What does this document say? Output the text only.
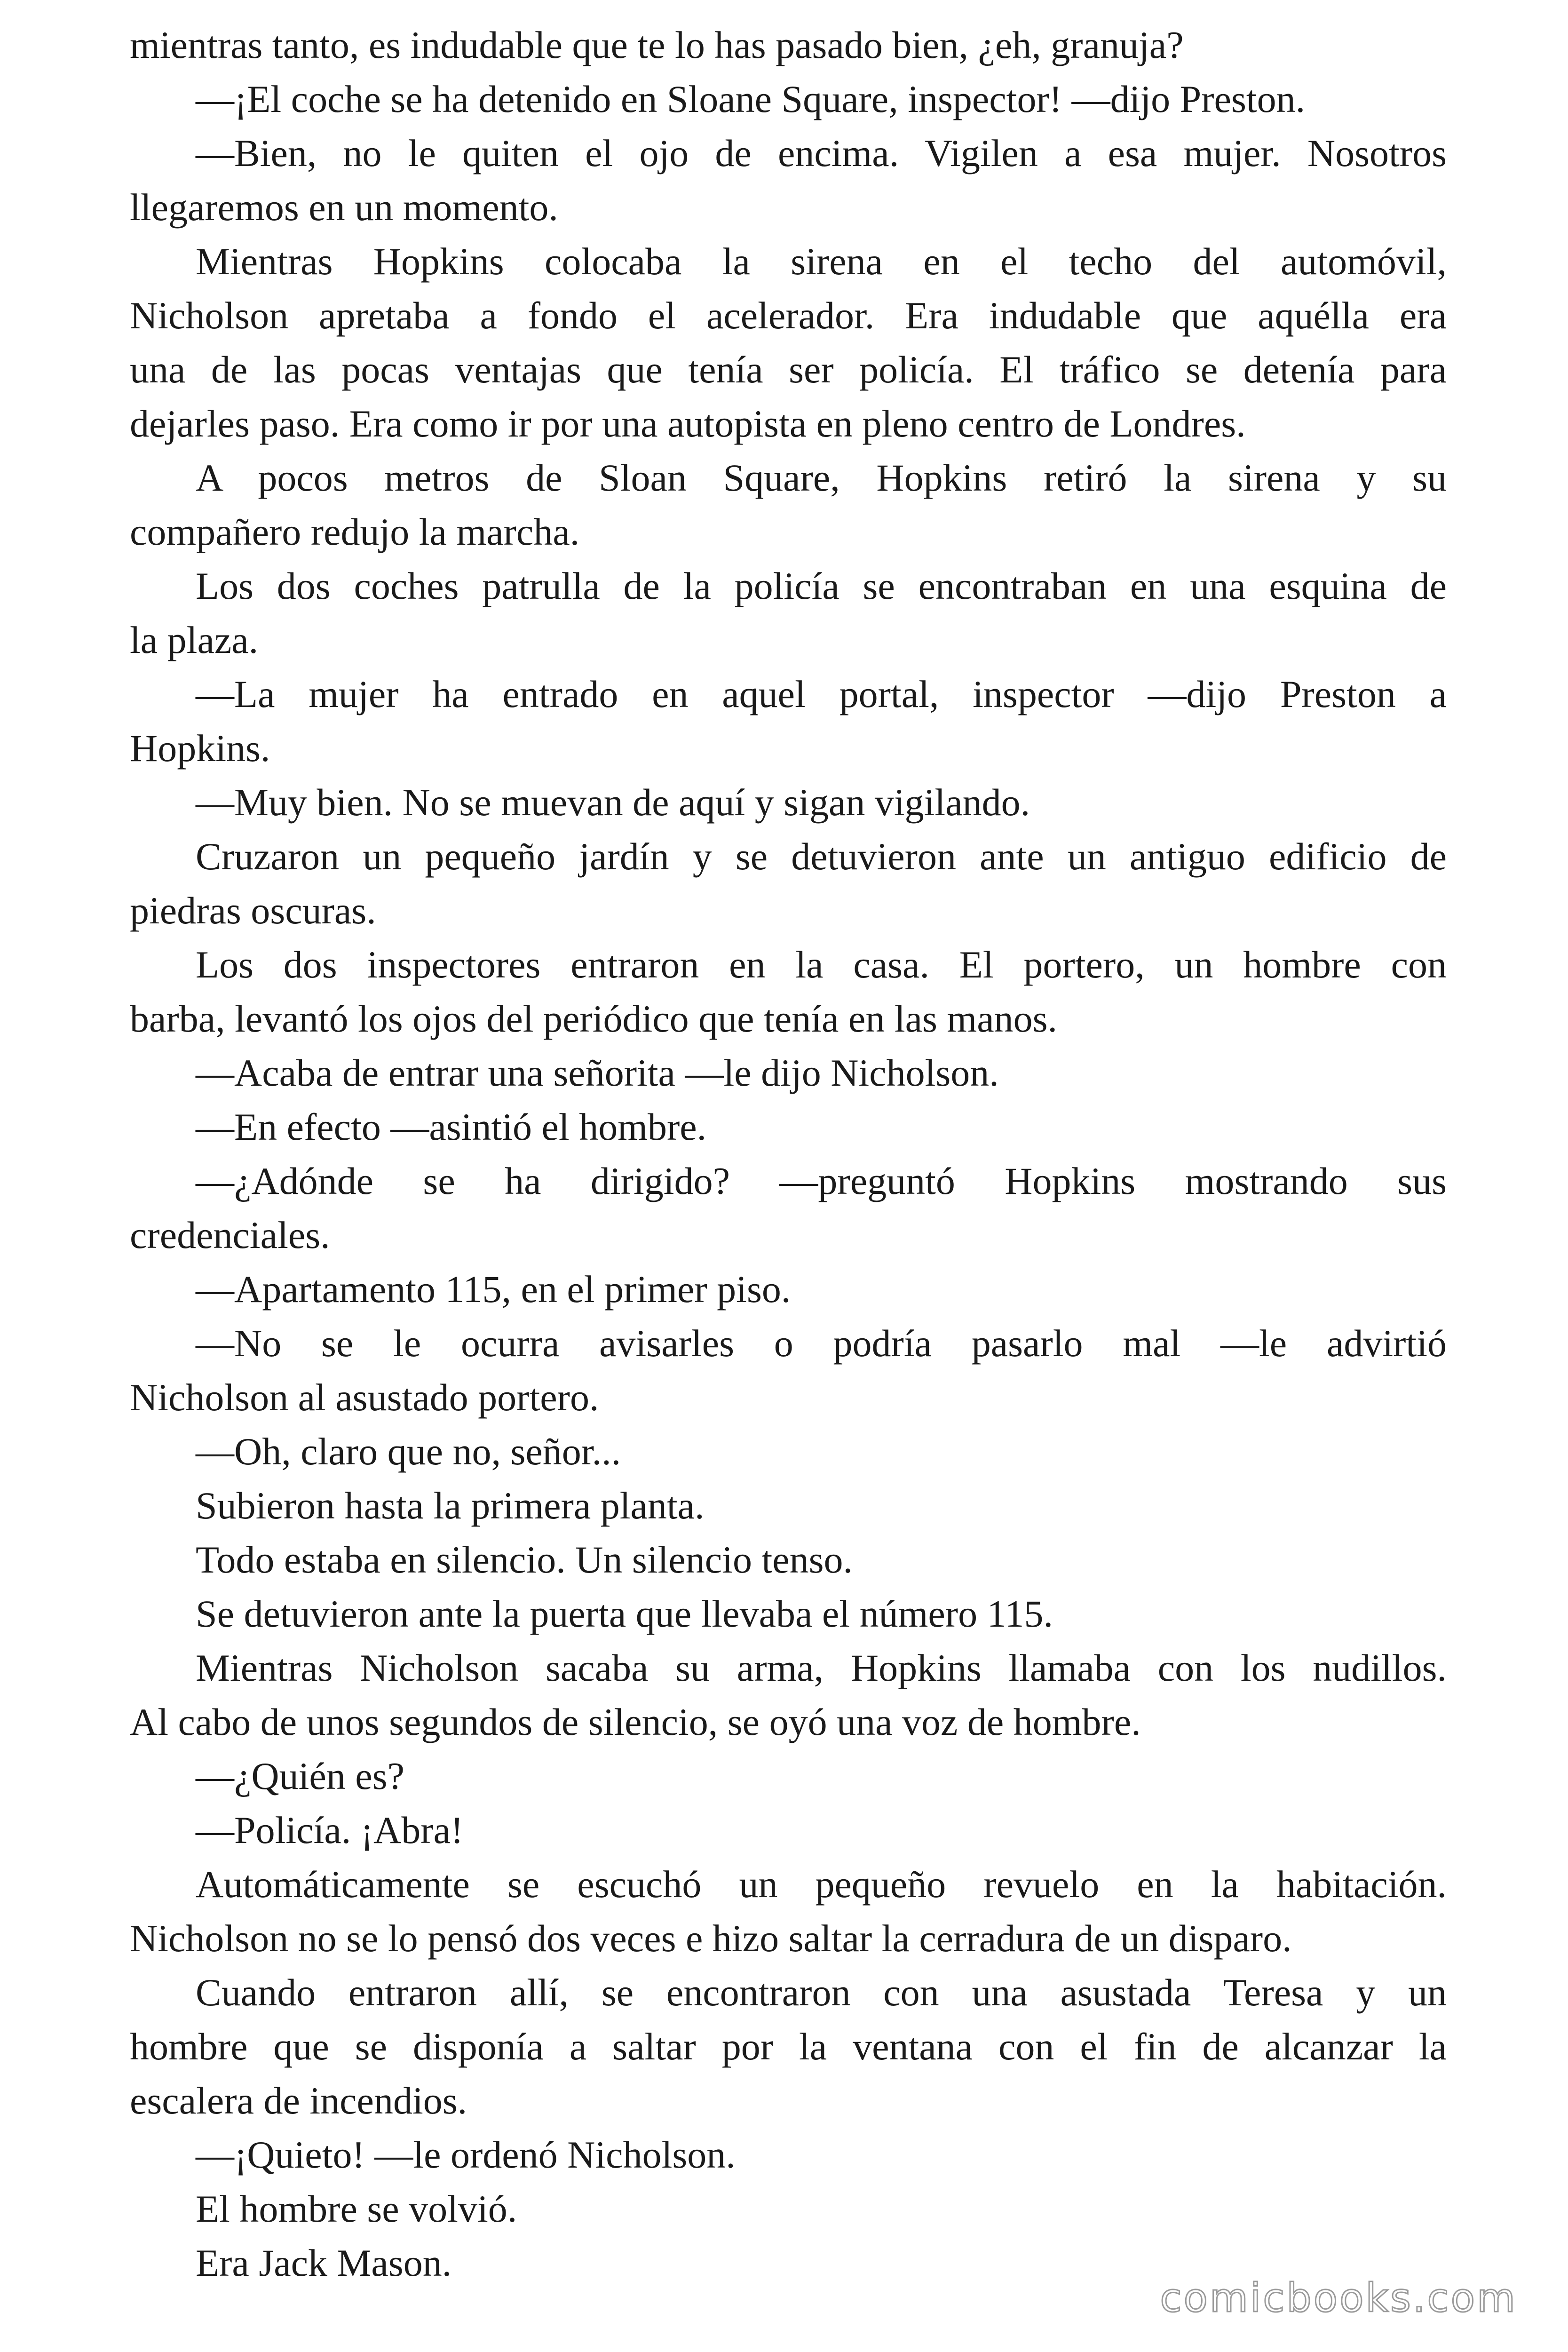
mientras tanto, es indudable que te lo has pasado bien, ¿eh, granuja?
—¡El coche se ha detenido en Sloane Square, inspector! —dijo Preston.
—Bien, no le quiten el ojo de encima. Vigilen a esa mujer. Nosotros
llegaremos en un momento.
Mientras Hopkins colocaba la sirena en el techo del automóvil,
Nicholson apretaba a fondo el acelerador. Era indudable que aquélla era
una de las pocas ventajas que tenía ser policía. El tráfico se detenía para
dejarles paso. Era como ir por una autopista en pleno centro de Londres.
A pocos metros de Sloan Square, Hopkins retiró la sirena y su
compañero redujo la marcha.
Los dos coches patrulla de la policía se encontraban en una esquina de
la plaza.
—La mujer ha entrado en aquel portal, inspector —dijo Preston a
Hopkins.
—Muy bien. No se muevan de aquí y sigan vigilando.
Cruzaron un pequeño jardín y se detuvieron ante un antiguo edificio de
piedras oscuras.
Los dos inspectores entraron en la casa. El portero, un hombre con
barba, levantó los ojos del periódico que tenía en las manos.
—Acaba de entrar una señorita —le dijo Nicholson.
—En efecto —asintió el hombre.
—¿Adónde se ha dirigido? —preguntó Hopkins mostrando sus
credenciales.
—Apartamento 115, en el primer piso.
—No se le ocurra avisarles o podría pasarlo mal —le advirtió
Nicholson al asustado portero.
—Oh, claro que no, señor...
Subieron hasta la primera planta.
Todo estaba en silencio. Un silencio tenso.
Se detuvieron ante la puerta que llevaba el número 115.
Mientras Nicholson sacaba su arma, Hopkins llamaba con los nudillos.
Al cabo de unos segundos de silencio, se oyó una voz de hombre.
—¿Quién es?
—Policía. ¡Abra!
Automáticamente se escuchó un pequeño revuelo en la habitación.
Nicholson no se lo pensó dos veces e hizo saltar la cerradura de un disparo.
Cuando entraron allí, se encontraron con una asustada Teresa y un
hombre que se disponía a saltar por la ventana con el fin de alcanzar la
escalera de incendios.
—¡Quieto! —le ordenó Nicholson.
El hombre se volvió.
Era Jack Mason.
comicbooks.com
